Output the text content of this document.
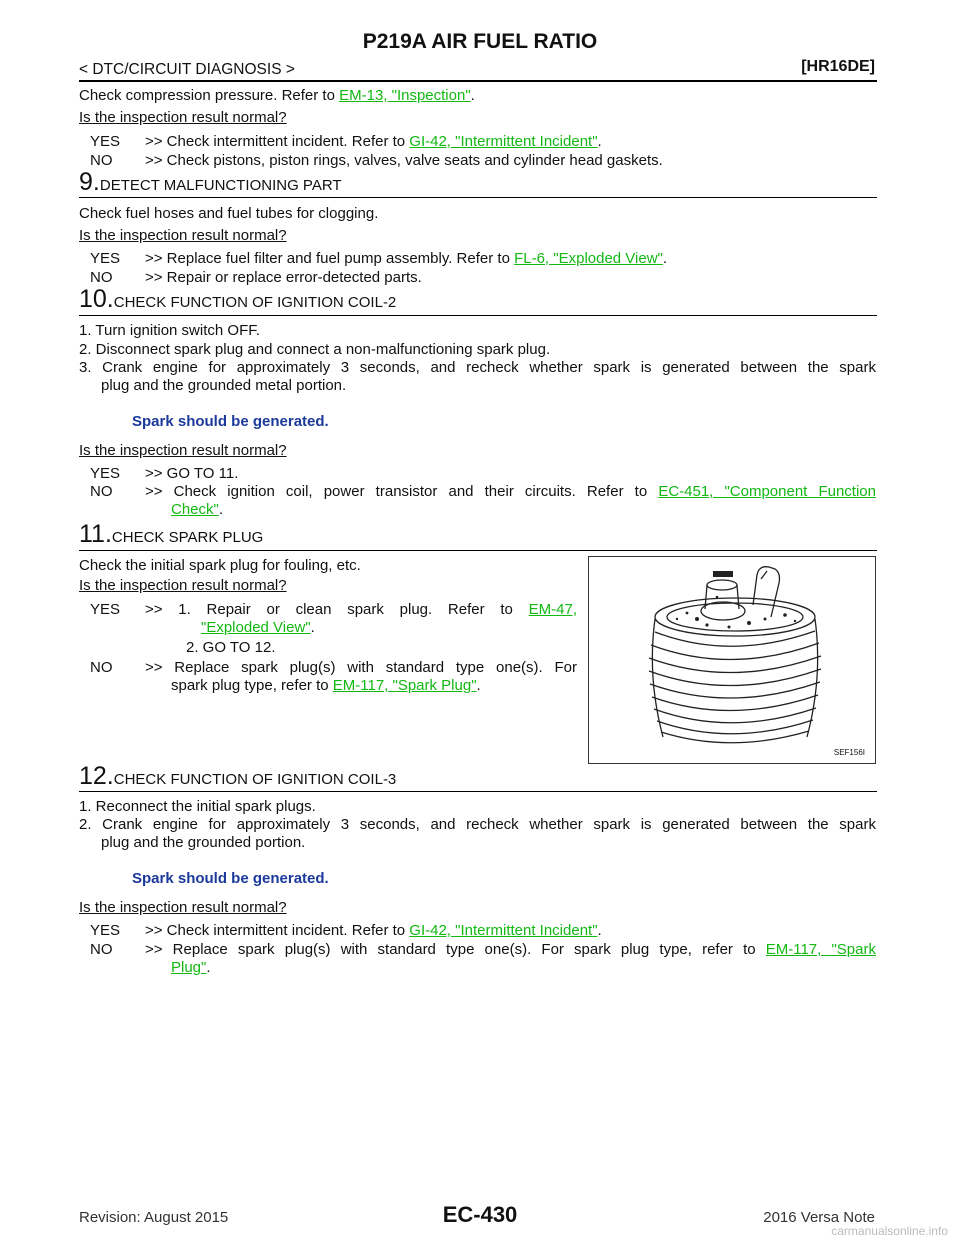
P219A AIR FUEL RATIO
< DTC/CIRCUIT DIAGNOSIS >	[HR16DE]
Check compression pressure. Refer to EM-13, "Inspection".
Is the inspection result normal?
YES >> Check intermittent incident. Refer to GI-42, "Intermittent Incident".
NO >> Check pistons, piston rings, valves, valve seats and cylinder head gaskets.
9.DETECT MALFUNCTIONING PART
Check fuel hoses and fuel tubes for clogging.
Is the inspection result normal?
YES >> Replace fuel filter and fuel pump assembly. Refer to FL-6, "Exploded View".
NO >> Repair or replace error-detected parts.
10.CHECK FUNCTION OF IGNITION COIL-2
1. Turn ignition switch OFF.
2. Disconnect spark plug and connect a non-malfunctioning spark plug.
3. Crank engine for approximately 3 seconds, and recheck whether spark is generated between the spark
plug and the grounded metal portion.
Spark should be generated.
Is the inspection result normal?
YES >> GO TO 11.
NO >> Check ignition coil, power transistor and their circuits. Refer to EC-451, "Component Function
Check".
11.CHECK SPARK PLUG
Check the initial spark plug for fouling, etc.
Is the inspection result normal?
YES >> 1. Repair or clean spark plug. Refer to EM-47,
"Exploded View".
2. GO TO 12.
NO >> Replace spark plug(s) with standard type one(s). For
spark plug type, refer to EM-117, "Spark Plug".
SEF156I
12.CHECK FUNCTION OF IGNITION COIL-3
1. Reconnect the initial spark plugs.
2. Crank engine for approximately 3 seconds, and recheck whether spark is generated between the spark
plug and the grounded portion.
Spark should be generated.
Is the inspection result normal?
YES >> Check intermittent incident. Refer to GI-42, "Intermittent Incident".
NO >> Replace spark plug(s) with standard type one(s). For spark plug type, refer to EM-117, "Spark
Plug".
Revision: August 2015	EC-430	2016 Versa Note
carmanualsonline.info
